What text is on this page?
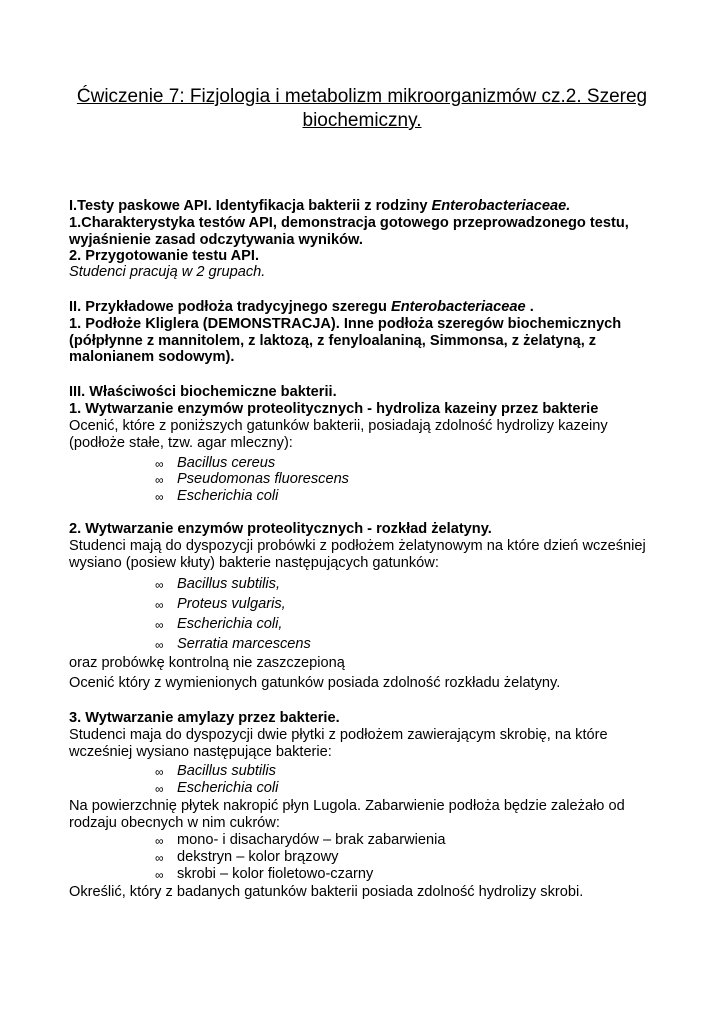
Ćwiczenie 7: Fizjologia i metabolizm mikroorganizmów cz.2. Szereg
biochemiczny.
I.Testy paskowe API. Identyfikacja bakterii z rodziny Enterobacteriaceae.
1.Charakterystyka testów API, demonstracja gotowego przeprowadzonego testu,
wyjaśnienie zasad odczytywania wyników.
2. Przygotowanie testu API.
Studenci pracują w 2 grupach.
II. Przykładowe podłoża tradycyjnego szeregu Enterobacteriaceae .
1. Podłoże Kliglera (DEMONSTRACJA). Inne podłoża szeregów biochemicznych
(półpłynne z mannitolem, z laktozą, z fenyloalaniną, Simmonsa, z żelatyną, z
malonianem sodowym).
III. Właściwości biochemiczne bakterii.
1. Wytwarzanie enzymów proteolitycznych - hydroliza kazeiny przez bakterie
Ocenić, które z poniższych gatunków bakterii, posiadają zdolność hydrolizy kazeiny
(podłoże stałe, tzw. agar mleczny):
∞ Bacillus cereus
∞ Pseudomonas fluorescens
∞ Escherichia coli
2. Wytwarzanie enzymów proteolitycznych - rozkład żelatyny.
Studenci mają do dyspozycji probówki z podłożem żelatynowym na które dzień wcześniej
wysiano (posiew kłuty) bakterie następujących gatunków:
∞ Bacillus subtilis,
∞ Proteus vulgaris,
∞ Escherichia coli,
∞ Serratia marcescens
oraz probówkę kontrolną nie zaszczepioną
Ocenić który z wymienionych gatunków posiada zdolność rozkładu żelatyny.
3. Wytwarzanie amylazy przez bakterie.
Studenci maja do dyspozycji dwie płytki z podłożem zawierającym skrobię, na które
wcześniej wysiano następujące bakterie:
∞ Bacillus subtilis
∞ Escherichia coli
Na powierzchnię płytek nakropić płyn Lugola. Zabarwienie podłoża będzie zależało od
rodzaju obecnych w nim cukrów:
∞ mono- i disacharydów – brak zabarwienia
∞ dekstryn – kolor brązowy
∞ skrobi – kolor fioletowo-czarny
Określić, który z badanych gatunków bakterii posiada zdolność hydrolizy skrobi.
